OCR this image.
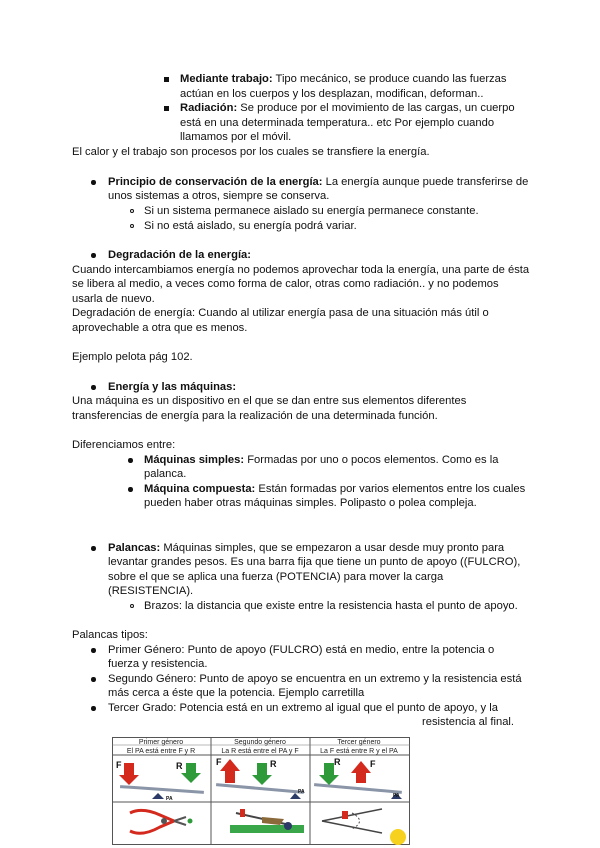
Mediante trabajo: Tipo mecánico, se produce cuando las fuerzas
actúan en los cuerpos y los desplazan, modifican, deforman..
Radiación: Se produce por el movimiento de las cargas, un cuerpo
está en una determinada temperatura.. etc Por ejemplo cuando
llamamos por el móvil.
El calor y el trabajo son procesos por los cuales se transfiere la energía.
Principio de conservación de la energía: La energía aunque puede transferirse de
unos sistemas a otros, siempre se conserva.
Si un sistema permanece aislado su energía permanece constante.
Si no está aislado, su energía podrá variar.
Degradación de la energía:
Cuando intercambiamos energía no podemos aprovechar toda la energía, una parte de ésta
se libera al medio, a veces como forma de calor, otras como radiación.. y no podemos
usarla de nuevo.
Degradación de energía: Cuando al utilizar energía pasa de una situación más útil o
aprovechable a otra que es menos.
Ejemplo pelota pág 102.
Energía y las máquinas:
Una máquina es un dispositivo en el que se dan entre sus elementos diferentes
transferencias de energía para la realización de una determinada función.
Diferenciamos entre:
Máquinas simples: Formadas por uno o pocos elementos. Como es la
palanca.
Máquina compuesta: Están formadas por varios elementos entre los cuales
pueden haber otras máquinas simples. Polipasto o polea compleja.
Palancas: Máquinas simples, que se empezaron a usar desde muy pronto para
levantar grandes pesos. Es una barra fija que tiene un punto de apoyo ((FULCRO),
sobre el que se aplica una fuerza (POTENCIA) para mover la carga
(RESISTENCIA).
Brazos: la distancia que existe entre la resistencia hasta el punto de apoyo.
Palancas tipos:
Primer Género: Punto de apoyo (FULCRO) está en medio, entre la potencia o
fuerza y resistencia.
Segundo Género: Punto de apoyo se encuentra en un extremo y la resistencia está
más cerca a éste que la potencia. Ejemplo carretilla
Tercer Grado: Potencia está en un extremo al igual que el punto de apoyo, y la
resistencia al final.
Primer género	Segundo género	Tercer género
El PA está entre F y R	La R está entre el PA y F	La F está entre R y el PA
F	R
PA
F	R
PA
R	F
PA
